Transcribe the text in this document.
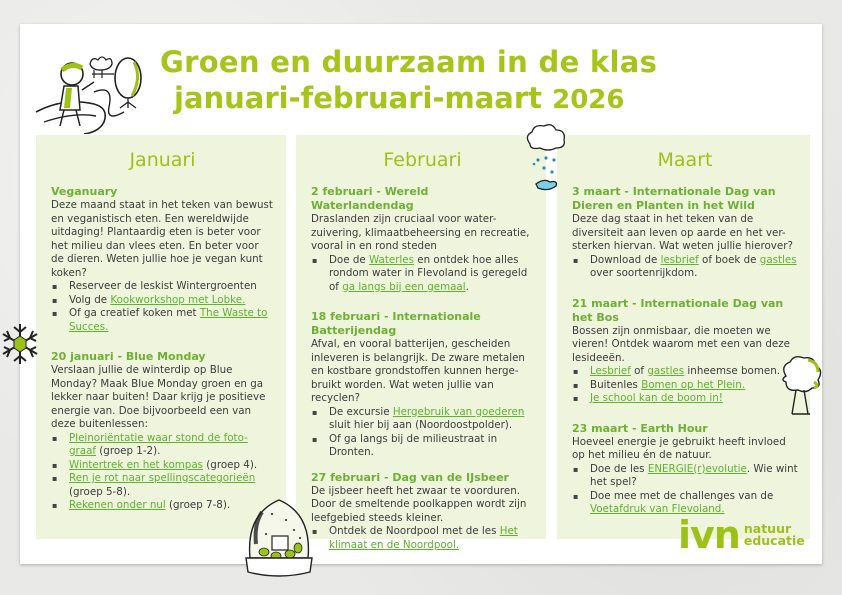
Groen en duurzaam in de klas
januari-februari-maart 2026
Januari
Veganuary

Deze maand staat in het teken van bewust en veganistisch eten. Een wereldwijde uitdaging! Plantaardig eten is beter voor het milieu dan vlees eten. En beter voor de dieren. Weten jullie hoe je vegan kunt koken?

▪ Reserveer de leskist Wintergroenten
▪ Volg de Kookworkshop met Lobke.
▪ Of ga creatief koken met The Waste to Succes.
20 januari - Blue Monday

Verslaan jullie de winterdip op Blue Monday? Maak Blue Monday groen en ga lekker naar buiten! Daar krijg je positieve energie van. Doe bijvoorbeeld een van deze buitenlessen:

▪ Pleinoriëntatie waar stond de foto-graaf (groep 1-2).
▪ Wintertrek en het kompas (groep 4).
▪ Ren je rot naar spellingscategorieën (groep 5-8).
▪ Rekenen onder nul (groep 7-8).
Februari
2 februari - Wereld Waterlandendag

Draslanden zijn cruciaal voor water-zuivering, klimaatbeheersing en recreatie, vooral in en rond steden

▪ Doe de Waterles en ontdek hoe alles rondom water in Flevoland is geregeld of ga langs bij een gemaal.
18 februari - Internationale Batterijendag

Afval, en vooral batterijen, gescheiden inleveren is belangrijk. De zware metalen en kostbare grondstoffen kunnen herge-bruikt worden. Wat weten jullie van recyclen?

▪ De excursie Hergebruik van goederen sluit hier bij aan (Noordoostpolder).
▪ Of ga langs bij de milieustraat in Dronten.
27 februari - Dag van de IJsbeer

De ijsbeer heeft het zwaar te voorduren. Door de smeltende poolkappen wordt zijn leefgebied steeds kleiner.

▪ Ontdek de Noordpool met de les Het klimaat en de Noordpool.
Maart
3 maart - Internationale Dag van Dieren en Planten in het Wild

Deze dag staat in het teken van de diversiteit aan leven op aarde en het ver-sterken hiervan. Wat weten jullie hierover?

▪ Download de lesbrief of boek de gastles over soortenrijkdom.
21 maart - Internationale Dag van het Bos

Bossen zijn onmisbaar, die moeten we vieren! Ontdek waarom met een van deze lesideeën.

▪ Lesbrief of gastles inheemse bomen.
▪ Buitenles Bomen op het Plein.
▪ Je school kan de boom in!
23 maart - Earth Hour

Hoeveel energie je gebruikt heeft invloed op het milieu én de natuur.

▪ Doe de les ENERGIE(r)evolutie. Wie wint het spel?
▪ Doe mee met de challenges van de Voetafdruk van Flevoland.
ivn natuur
educatie
